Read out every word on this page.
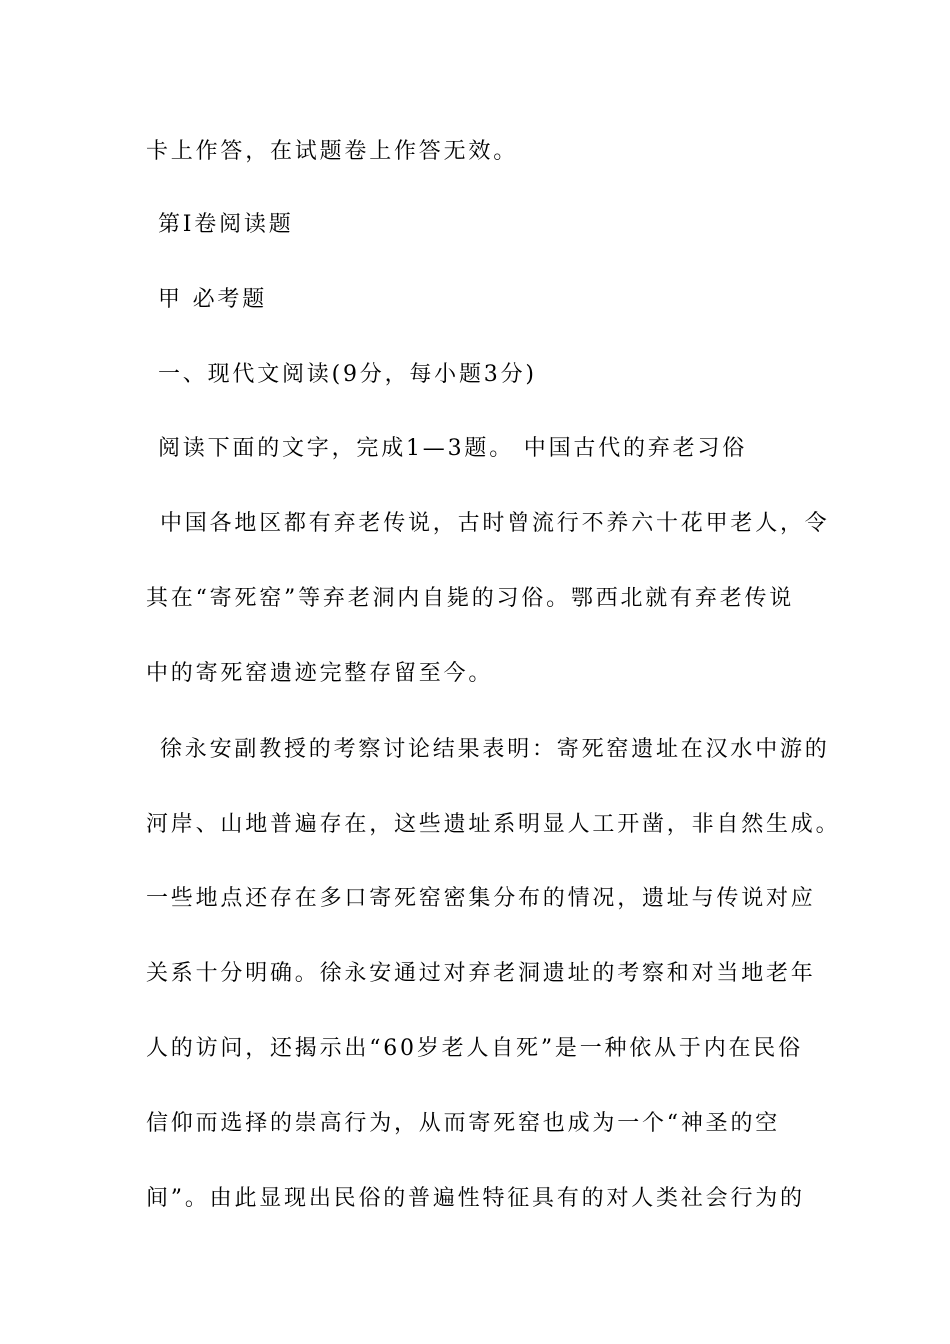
卡上作答，在试题卷上作答无效。
第Ⅰ卷阅读题
甲 必考题
一、现代文阅读(9分，每小题3分)
阅读下面的文字，完成1—3题。 中国古代的弃老习俗
中国各地区都有弃老传说，古时曾流行不养六十花甲老人，令
其在“寄死窑”等弃老洞内自毙的习俗。鄂西北就有弃老传说
中的寄死窑遗迹完整存留至今。
徐永安副教授的考察讨论结果表明：寄死窑遗址在汉水中游的
河岸、山地普遍存在，这些遗址系明显人工开凿，非自然生成。
一些地点还存在多口寄死窑密集分布的情况，遗址与传说对应
关系十分明确。徐永安通过对弃老洞遗址的考察和对当地老年
人的访问，还揭示出“60岁老人自死”是一种依从于内在民俗
信仰而选择的崇高行为，从而寄死窑也成为一个“神圣的空
间”。由此显现出民俗的普遍性特征具有的对人类社会行为的
